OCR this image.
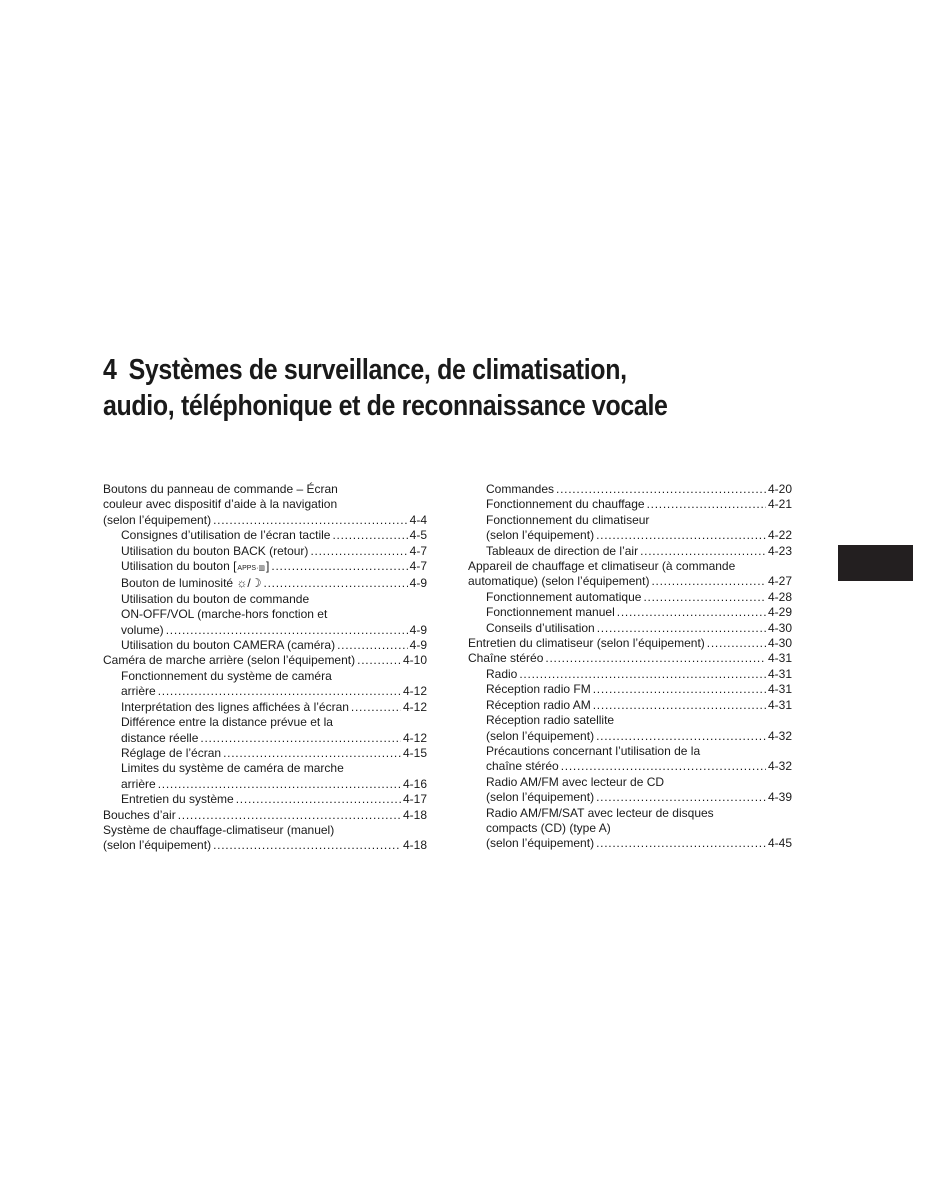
4 Systèmes de surveillance, de climatisation,
audio, téléphonique et de reconnaissance vocale
Boutons du panneau de commande – Écran
couleur avec dispositif d’aide à la navigation
(selon l’équipement) . . .	4-4
Consignes d’utilisation de l’écran tactile . . .	4-5
Utilisation du bouton BACK (retour) . . .	4-7
Utilisation du bouton [ APPS·▥ ] . . .	4-7
Bouton de luminosité ☼/☽ . . .	4-9
Utilisation du bouton de commande
ON-OFF/VOL (marche-hors fonction et
volume) . . .	4-9
Utilisation du bouton CAMERA (caméra) . . .	4-9
Caméra de marche arrière (selon l’équipement) . . .	4-10
Fonctionnement du système de caméra
arrière . . .	4-12
Interprétation des lignes affichées à l’écran . . .	4-12
Différence entre la distance prévue et la
distance réelle . . .	4-12
Réglage de l’écran . . .	4-15
Limites du système de caméra de marche
arrière . . .	4-16
Entretien du système . . .	4-17
Bouches d’air . . .	4-18
Système de chauffage-climatiseur (manuel)
(selon l’équipement) . . .	4-18
Commandes . . .	4-20
Fonctionnement du chauffage . . .	4-21
Fonctionnement du climatiseur
(selon l’équipement) . . .	4-22
Tableaux de direction de l’air . . .	4-23
Appareil de chauffage et climatiseur (à commande
automatique) (selon l’équipement) . . .	4-27
Fonctionnement automatique . . .	4-28
Fonctionnement manuel . . .	4-29
Conseils d’utilisation . . .	4-30
Entretien du climatiseur (selon l’équipement) . . .	4-30
Chaîne stéréo . . .	4-31
Radio . . .	4-31
Réception radio FM . . .	4-31
Réception radio AM . . .	4-31
Réception radio satellite
(selon l’équipement) . . .	4-32
Précautions concernant l’utilisation de la
chaîne stéréo . . .	4-32
Radio AM/FM avec lecteur de CD
(selon l’équipement) . . .	4-39
Radio AM/FM/SAT avec lecteur de disques
compacts (CD) (type A)
(selon l’équipement) . . .	4-45
